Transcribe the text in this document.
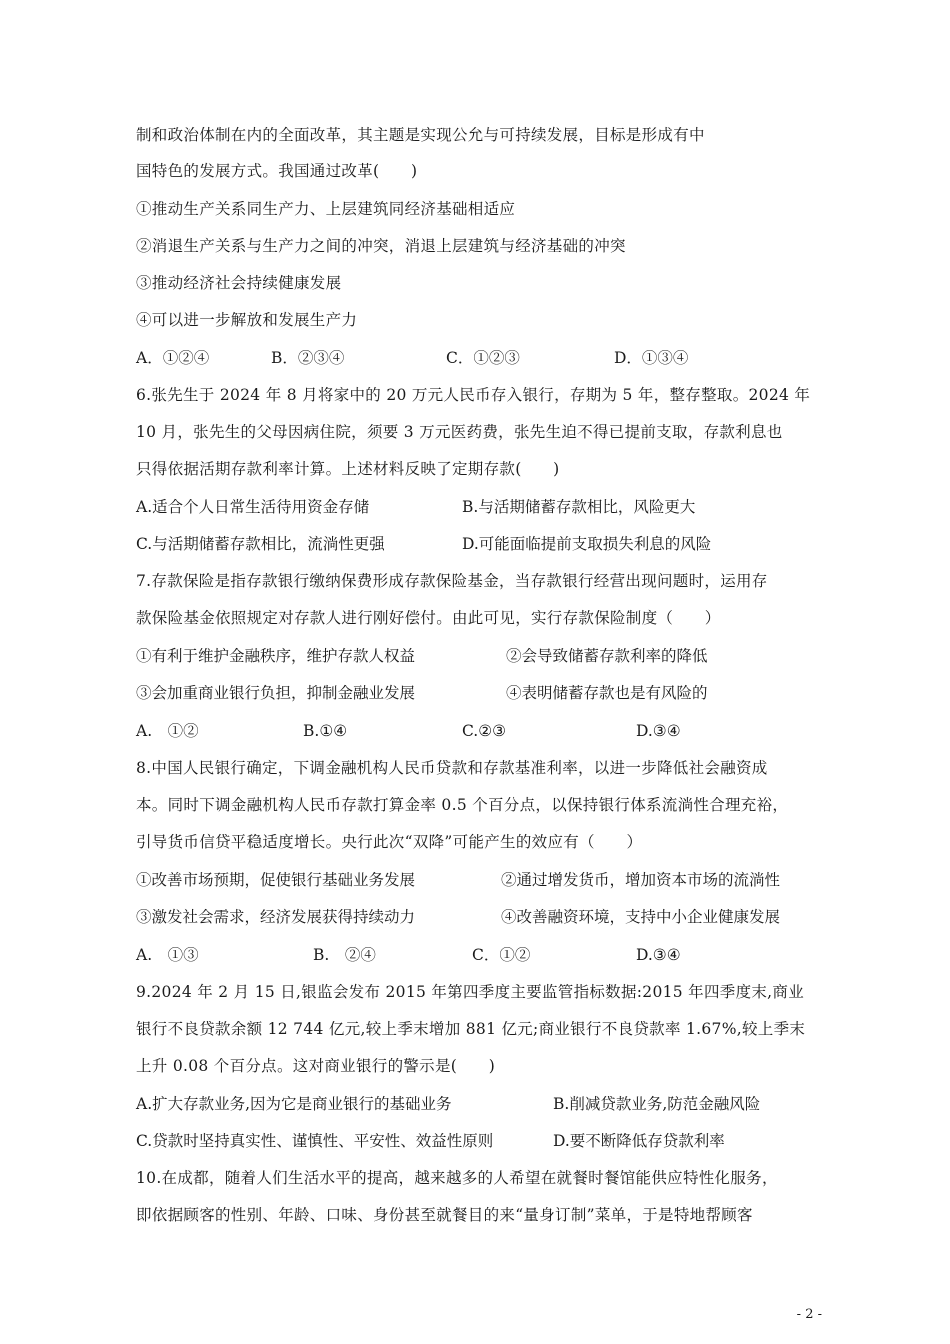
制和政治体制在内的全面改革，其主题是实现公允与可持续发展，目标是形成有中
国特色的发展方式。我国通过改革(　　)
①推动生产关系同生产力、上层建筑同经济基础相适应
②消退生产关系与生产力之间的冲突，消退上层建筑与经济基础的冲突
③推动经济社会持续健康发展
④可以进一步解放和发展生产力
A．①②④	B．②③④	C．①②③	D．①③④
6.张先生于 2024 年 8 月将家中的 20 万元人民币存入银行，存期为 5 年，整存整取。2024 年
10 月，张先生的父母因病住院，须要 3 万元医药费，张先生迫不得已提前支取，存款利息也
只得依据活期存款利率计算。上述材料反映了定期存款(　　)
A.适合个人日常生活待用资金存储	B.与活期储蓄存款相比，风险更大
C.与活期储蓄存款相比，流淌性更强	D.可能面临提前支取损失利息的风险
7.存款保险是指存款银行缴纳保费形成存款保险基金，当存款银行经营出现问题时，运用存
款保险基金依照规定对存款人进行刚好偿付。由此可见，实行存款保险制度（　　）
①有利于维护金融秩序，维护存款人权益	②会导致储蓄存款利率的降低
③会加重商业银行负担，抑制金融业发展	④表明储蓄存款也是有风险的
A.　①②	B.①④	C.②③	D.③④
8.中国人民银行确定，下调金融机构人民币贷款和存款基准利率，以进一步降低社会融资成
本。同时下调金融机构人民币存款打算金率 0.5 个百分点，以保持银行体系流淌性合理充裕，
引导货币信贷平稳适度增长。央行此次“双降”可能产生的效应有（　　）
①改善市场预期，促使银行基础业务发展	②通过增发货币，增加资本市场的流淌性
③激发社会需求，经济发展获得持续动力	④改善融资环境，支持中小企业健康发展
A.　①③	B.　②④	C．①②	D.③④
9.2024 年 2 月 15 日,银监会发布 2015 年第四季度主要监管指标数据:2015 年四季度末,商业
银行不良贷款余额 12 744 亿元,较上季末增加 881 亿元;商业银行不良贷款率 1.67%,较上季末
上升 0.08 个百分点。这对商业银行的警示是(　　)
A.扩大存款业务,因为它是商业银行的基础业务	B.削减贷款业务,防范金融风险
C.贷款时坚持真实性、谨慎性、平安性、效益性原则	D.要不断降低存贷款利率
10.在成都，随着人们生活水平的提高，越来越多的人希望在就餐时餐馆能供应特性化服务，
即依据顾客的性别、年龄、口味、身份甚至就餐目的来“量身订制”菜单，于是特地帮顾客
- 2 -
